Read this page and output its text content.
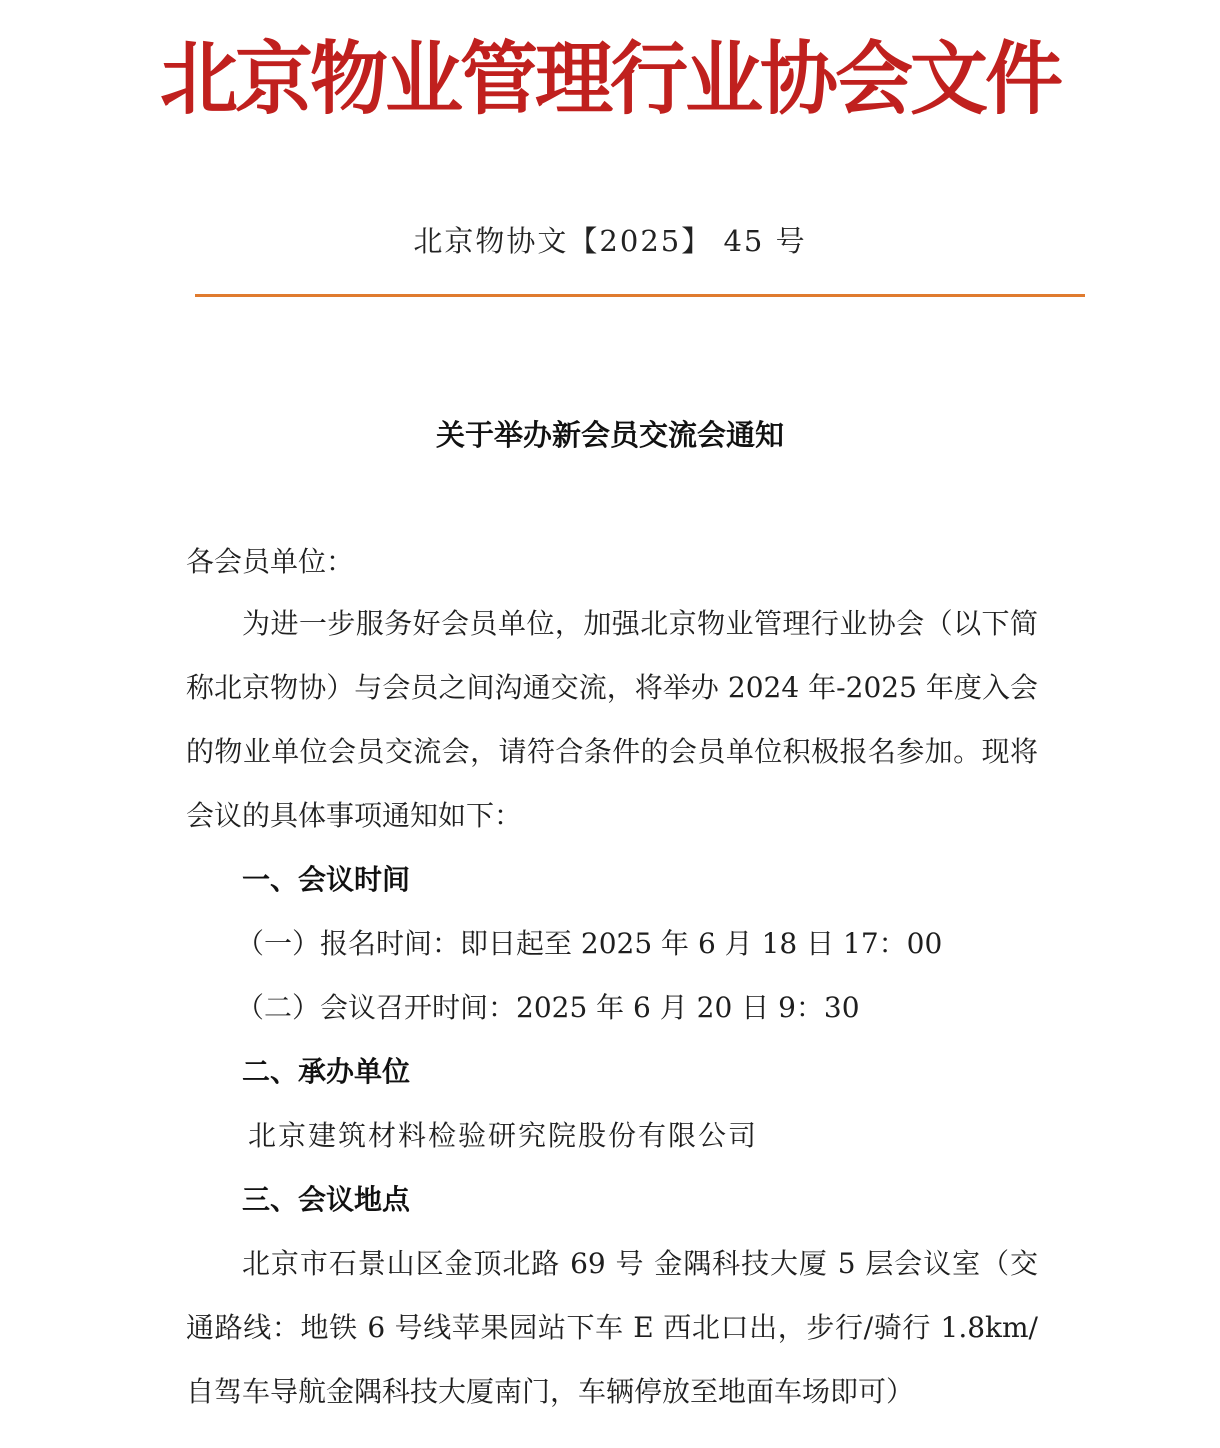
北京物业管理行业协会文件
北京物协文【2025】 45 号
关于举办新会员交流会通知
各会员单位：
为进一步服务好会员单位，加强北京物业管理行业协会（以下简称北京物协）与会员之间沟通交流，将举办 2024 年-2025 年度入会的物业单位会员交流会，请符合条件的会员单位积极报名参加。现将会议的具体事项通知如下：
一、会议时间
（一）报名时间：即日起至 2025 年 6 月 18 日 17：00
（二）会议召开时间：2025 年 6 月 20 日 9：30
二、承办单位
北京建筑材料检验研究院股份有限公司
三、会议地点
北京市石景山区金顶北路 69 号 金隅科技大厦 5 层会议室（交通路线：地铁 6 号线苹果园站下车 E 西北口出，步行/骑行 1.8km/自驾车导航金隅科技大厦南门，车辆停放至地面车场即可）
